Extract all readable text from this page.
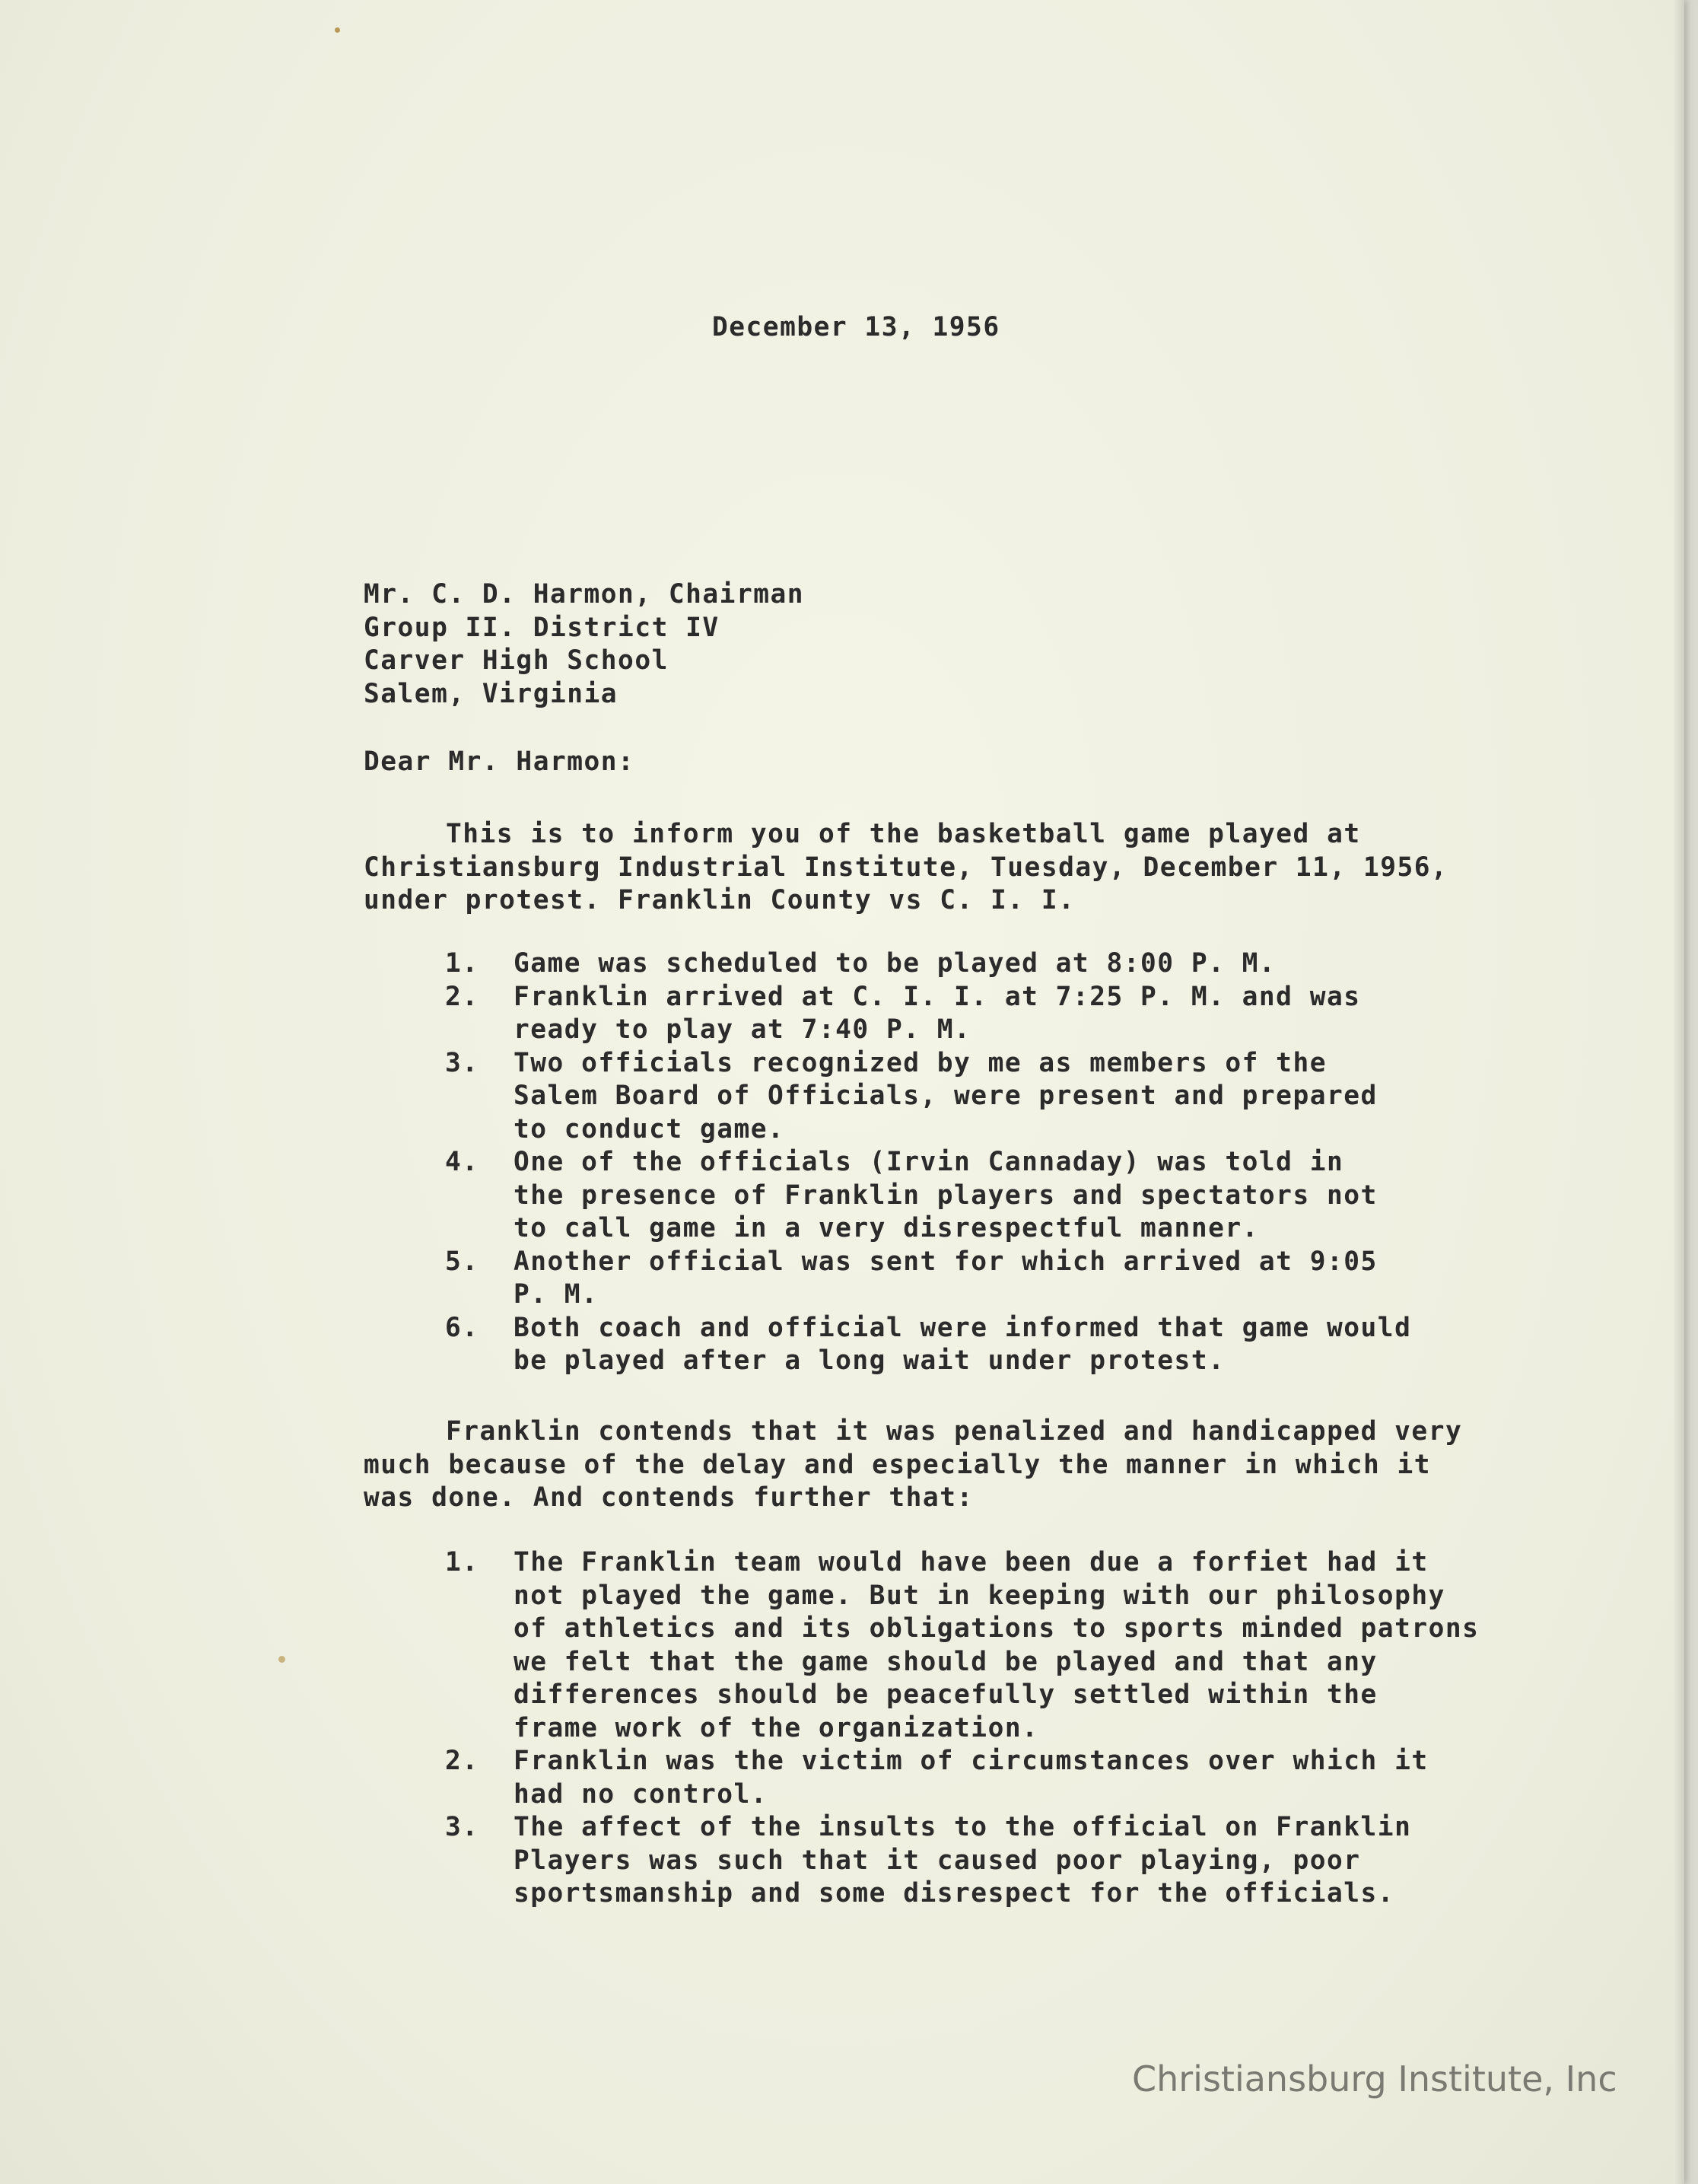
December 13, 1956
Mr. C. D. Harmon, Chairman
Group II. District IV
Carver High School
Salem, Virginia
Dear Mr. Harmon:
This is to inform you of the basketball game played at
Christiansburg Industrial Institute, Tuesday, December 11, 1956,
under protest. Franklin County vs C. I. I.
1. Game was scheduled to be played at 8:00 P. M.
2. Franklin arrived at C. I. I. at 7:25 P. M. and was
ready to play at 7:40 P. M.
3. Two officials recognized by me as members of the
Salem Board of Officials, were present and prepared
to conduct game.
4. One of the officials (Irvin Cannaday) was told in
the presence of Franklin players and spectators not
to call game in a very disrespectful manner.
5. Another official was sent for which arrived at 9:05
P. M.
6. Both coach and official were informed that game would
be played after a long wait under protest.
Franklin contends that it was penalized and handicapped very
much because of the delay and especially the manner in which it
was done. And contends further that:
1. The Franklin team would have been due a forfiet had it
not played the game. But in keeping with our philosophy
of athletics and its obligations to sports minded patrons
we felt that the game should be played and that any
differences should be peacefully settled within the
frame work of the organization.
2. Franklin was the victim of circumstances over which it
had no control.
3. The affect of the insults to the official on Franklin
Players was such that it caused poor playing, poor
sportsmanship and some disrespect for the officials.
Christiansburg Institute, Inc
